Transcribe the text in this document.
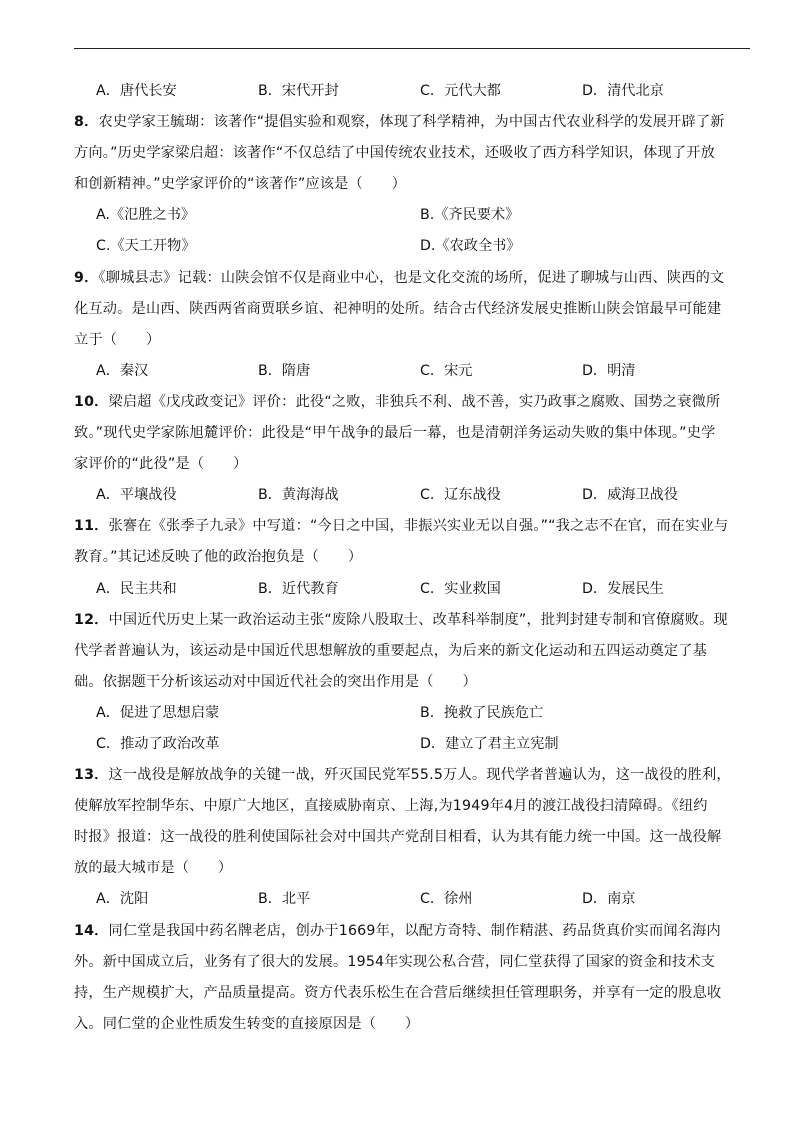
A．唐代长安	B．宋代开封	C．元代大都	D．清代北京
8．农史学家王毓瑚：该著作“提倡实验和观察，体现了科学精神，为中国古代农业科学的发展开辟了新
方向。”历史学家梁启超：该著作“不仅总结了中国传统农业技术，还吸收了西方科学知识，体现了开放
和创新精神。”史学家评价的“该著作”应该是（　　）
A.《氾胜之书》	B.《齐民要术》
C.《天工开物》	D.《农政全书》
9．《聊城县志》记载：山陕会馆不仅是商业中心，也是文化交流的场所，促进了聊城与山西、陕西的文
化互动。是山西、陕西两省商贾联乡谊、祀神明的处所。结合古代经济发展史推断山陕会馆最早可能建
立于（　　）
A．秦汉	B．隋唐	C．宋元	D．明清
10．梁启超《戊戌政变记》评价：此役“之败，非独兵不利、战不善，实乃政事之腐败、国势之衰微所
致。”现代史学家陈旭麓评价：此役是“甲午战争的最后一幕，也是清朝洋务运动失败的集中体现。”史学
家评价的“此役”是（　　）
A．平壤战役	B．黄海海战	C．辽东战役	D．威海卫战役
11．张謇在《张季子九录》中写道：“今日之中国，非振兴实业无以自强。”“我之志不在官，而在实业与
教育。”其记述反映了他的政治抱负是（　　）
A．民主共和	B．近代教育	C．实业救国	D．发展民生
12．中国近代历史上某一政治运动主张“废除八股取士、改革科举制度”，批判封建专制和官僚腐败。现
代学者普遍认为，该运动是中国近代思想解放的重要起点，为后来的新文化运动和五四运动奠定了基
础。依据题干分析该运动对中国近代社会的突出作用是（　　）
A．促进了思想启蒙	B．挽救了民族危亡
C．推动了政治改革	D．建立了君主立宪制
13．这一战役是解放战争的关键一战，歼灭国民党军55.5万人。现代学者普遍认为，这一战役的胜利，
使解放军控制华东、中原广大地区，直接威胁南京、上海,为1949年4月的渡江战役扫清障碍。《纽约
时报》报道：这一战役的胜利使国际社会对中国共产党刮目相看，认为其有能力统一中国。这一战役解
放的最大城市是（　　）
A．沈阳	B．北平	C．徐州	D．南京
14．同仁堂是我国中药名牌老店，创办于1669年，以配方奇特、制作精湛、药品货真价实而闻名海内
外。新中国成立后，业务有了很大的发展。1954年实现公私合营，同仁堂获得了国家的资金和技术支
持，生产规模扩大，产品质量提高。资方代表乐松生在合营后继续担任管理职务，并享有一定的股息收
入。同仁堂的企业性质发生转变的直接原因是（　　）
